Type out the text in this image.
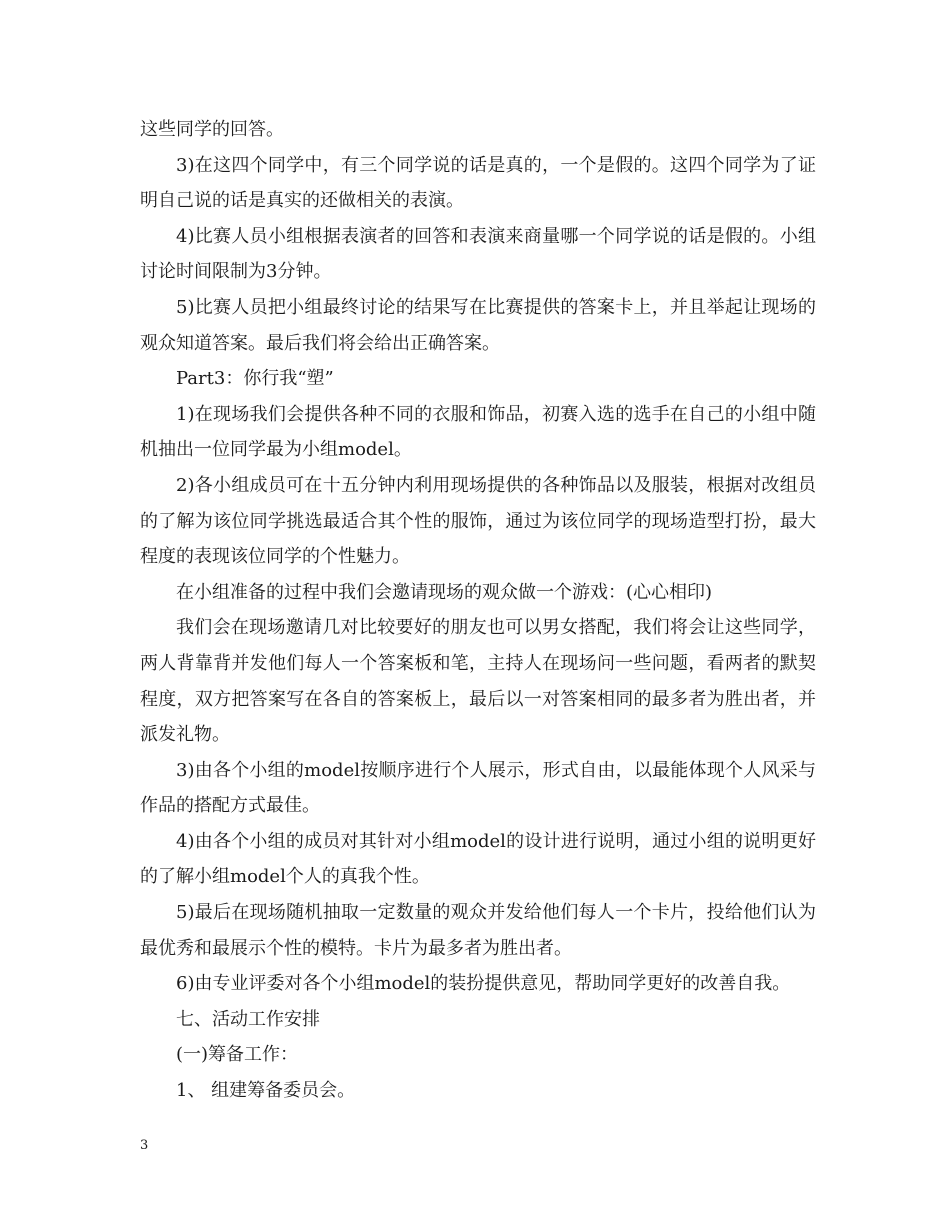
这些同学的回答。

3)在这四个同学中，有三个同学说的话是真的，一个是假的。这四个同学为了证明自己说的话是真实的还做相关的表演。

4)比赛人员小组根据表演者的回答和表演来商量哪一个同学说的话是假的。小组讨论时间限制为3分钟。

5)比赛人员把小组最终讨论的结果写在比赛提供的答案卡上，并且举起让现场的观众知道答案。最后我们将会给出正确答案。

Part3：你行我“塑”

1)在现场我们会提供各种不同的衣服和饰品，初赛入选的选手在自己的小组中随机抽出一位同学最为小组model。

2)各小组成员可在十五分钟内利用现场提供的各种饰品以及服装，根据对改组员的了解为该位同学挑选最适合其个性的服饰，通过为该位同学的现场造型打扮，最大程度的表现该位同学的个性魅力。

在小组准备的过程中我们会邀请现场的观众做一个游戏：(心心相印)

我们会在现场邀请几对比较要好的朋友也可以男女搭配，我们将会让这些同学，两人背靠背并发他们每人一个答案板和笔，主持人在现场问一些问题，看两者的默契程度，双方把答案写在各自的答案板上，最后以一对答案相同的最多者为胜出者，并派发礼物。

3)由各个小组的model按顺序进行个人展示，形式自由，以最能体现个人风采与作品的搭配方式最佳。

4)由各个小组的成员对其针对小组model的设计进行说明，通过小组的说明更好的了解小组model个人的真我个性。

5)最后在现场随机抽取一定数量的观众并发给他们每人一个卡片，投给他们认为最优秀和最展示个性的模特。卡片为最多者为胜出者。

6)由专业评委对各个小组model的装扮提供意见，帮助同学更好的改善自我。

七、活动工作安排

(一)筹备工作：

1、 组建筹备委员会。

3
